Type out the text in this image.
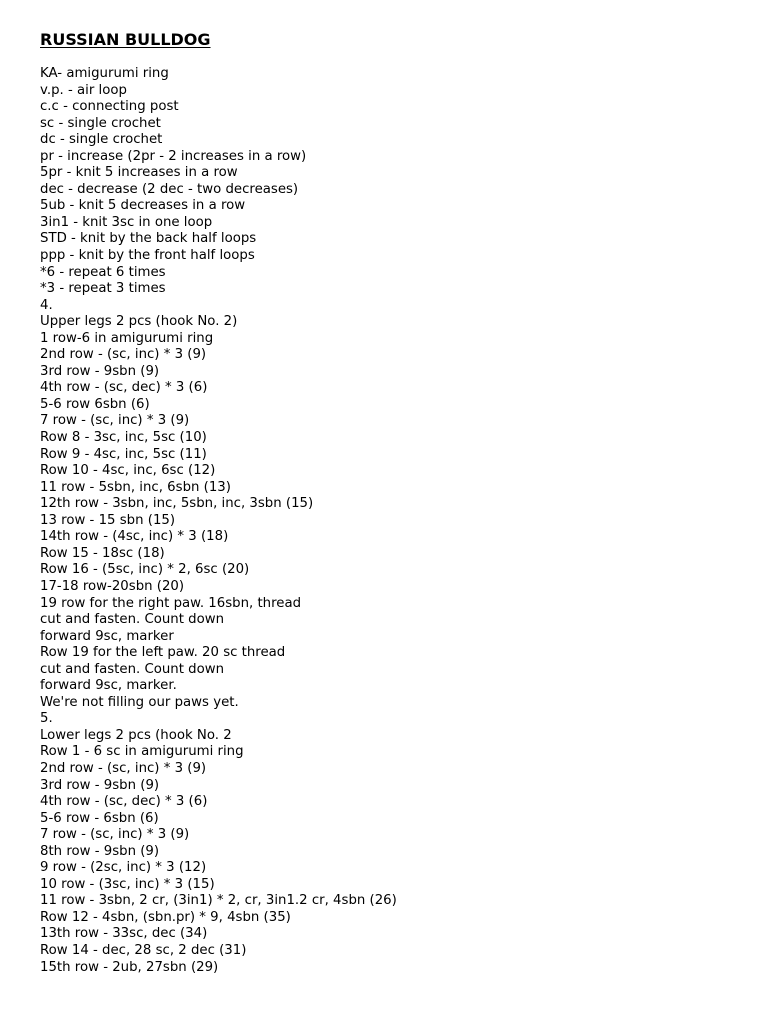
RUSSIAN BULLDOG
KA- amigurumi ring
v.p. - air loop
c.c - connecting post
sc - single crochet
dc - single crochet
pr - increase (2pr - 2 increases in a row)
5pr - knit 5 increases in a row
dec - decrease (2 dec - two decreases)
5ub - knit 5 decreases in a row
3in1 - knit 3sc in one loop
STD - knit by the back half loops
ppp - knit by the front half loops
*6 - repeat 6 times
*3 - repeat 3 times
4.
Upper legs 2 pcs (hook No. 2)
1 row-6 in amigurumi ring
2nd row - (sc, inc) * 3 (9)
3rd row - 9sbn (9)
4th row - (sc, dec) * 3 (6)
5-6 row 6sbn (6)
7 row - (sc, inc) * 3 (9)
Row 8 - 3sc, inc, 5sc (10)
Row 9 - 4sc, inc, 5sc (11)
Row 10 - 4sc, inc, 6sc (12)
11 row - 5sbn, inc, 6sbn (13)
12th row - 3sbn, inc, 5sbn, inc, 3sbn (15)
13 row - 15 sbn (15)
14th row - (4sc, inc) * 3 (18)
Row 15 - 18sc (18)
Row 16 - (5sc, inc) * 2, 6sc (20)
17-18 row-20sbn (20)
19 row for the right paw. 16sbn, thread
cut and fasten. Count down
forward 9sc, marker
Row 19 for the left paw. 20 sc thread
cut and fasten. Count down
forward 9sc, marker.
We're not filling our paws yet.
5.
Lower legs 2 pcs (hook No. 2
Row 1 - 6 sc in amigurumi ring
2nd row - (sc, inc) * 3 (9)
3rd row - 9sbn (9)
4th row - (sc, dec) * 3 (6)
5-6 row - 6sbn (6)
7 row - (sc, inc) * 3 (9)
8th row - 9sbn (9)
9 row - (2sc, inc) * 3 (12)
10 row - (3sc, inc) * 3 (15)
11 row - 3sbn, 2 cr, (3in1) * 2, cr, 3in1.2 cr, 4sbn (26)
Row 12 - 4sbn, (sbn.pr) * 9, 4sbn (35)
13th row - 33sc, dec (34)
Row 14 - dec, 28 sc, 2 dec (31)
15th row - 2ub, 27sbn (29)
